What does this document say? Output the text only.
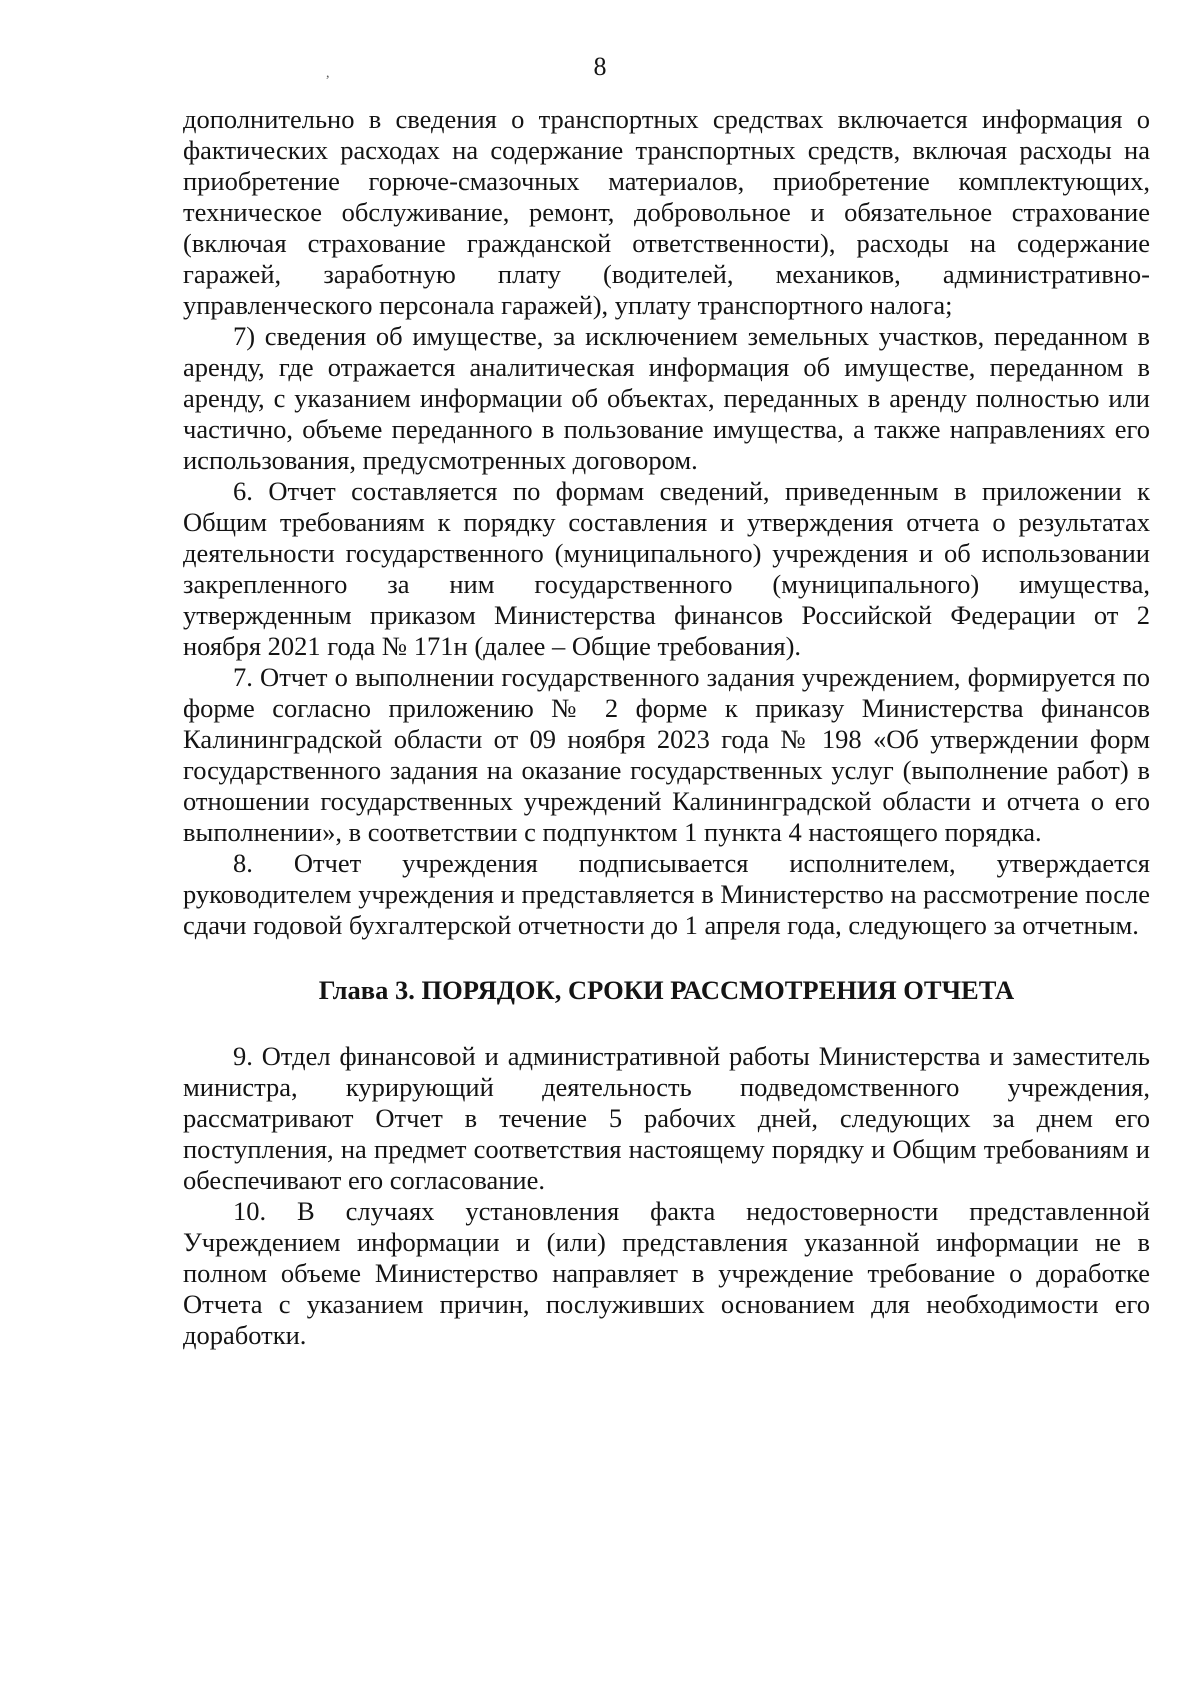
,	8

дополнительно в сведения о транспортных средствах включается информация о фактических расходах на содержание транспортных средств, включая расходы на приобретение горюче-смазочных материалов, приобретение комплектующих, техническое обслуживание, ремонт, добровольное и обязательное страхование (включая страхование гражданской ответственности), расходы на содержание гаражей, заработную плату (водителей, механиков, административно-управленческого персонала гаражей), уплату транспортного налога;

7) сведения об имуществе, за исключением земельных участков, переданном в аренду, где отражается аналитическая информация об имуществе, переданном в аренду, с указанием информации об объектах, переданных в аренду полностью или частично, объеме переданного в пользование имущества, а также направлениях его использования, предусмотренных договором.

6. Отчет составляется по формам сведений, приведенным в приложении к Общим требованиям к порядку составления и утверждения отчета о результатах деятельности государственного (муниципального) учреждения и об использовании закрепленного за ним государственного (муниципального) имущества, утвержденным приказом Министерства финансов Российской Федерации от 2 ноября 2021 года № 171н (далее – Общие требования).

7. Отчет о выполнении государственного задания учреждением, формируется по форме согласно приложению № 2 форме к приказу Министерства финансов Калининградской области от 09 ноября 2023 года № 198 «Об утверждении форм государственного задания на оказание государственных услуг (выполнение работ) в отношении государственных учреждений Калининградской области и отчета о его выполнении», в соответствии с подпунктом 1 пункта 4 настоящего порядка.

8. Отчет учреждения подписывается исполнителем, утверждается руководителем учреждения и представляется в Министерство на рассмотрение после сдачи годовой бухгалтерской отчетности до 1 апреля года, следующего за отчетным.

Глава 3. ПОРЯДОК, СРОКИ РАССМОТРЕНИЯ ОТЧЕТА

9. Отдел финансовой и административной работы Министерства и заместитель министра, курирующий деятельность подведомственного учреждения, рассматривают Отчет в течение 5 рабочих дней, следующих за днем его поступления, на предмет соответствия настоящему порядку и Общим требованиям и обеспечивают его согласование.

10. В случаях установления факта недостоверности представленной Учреждением информации и (или) представления указанной информации не в полном объеме Министерство направляет в учреждение требование о доработке Отчета с указанием причин, послуживших основанием для необходимости его доработки.
